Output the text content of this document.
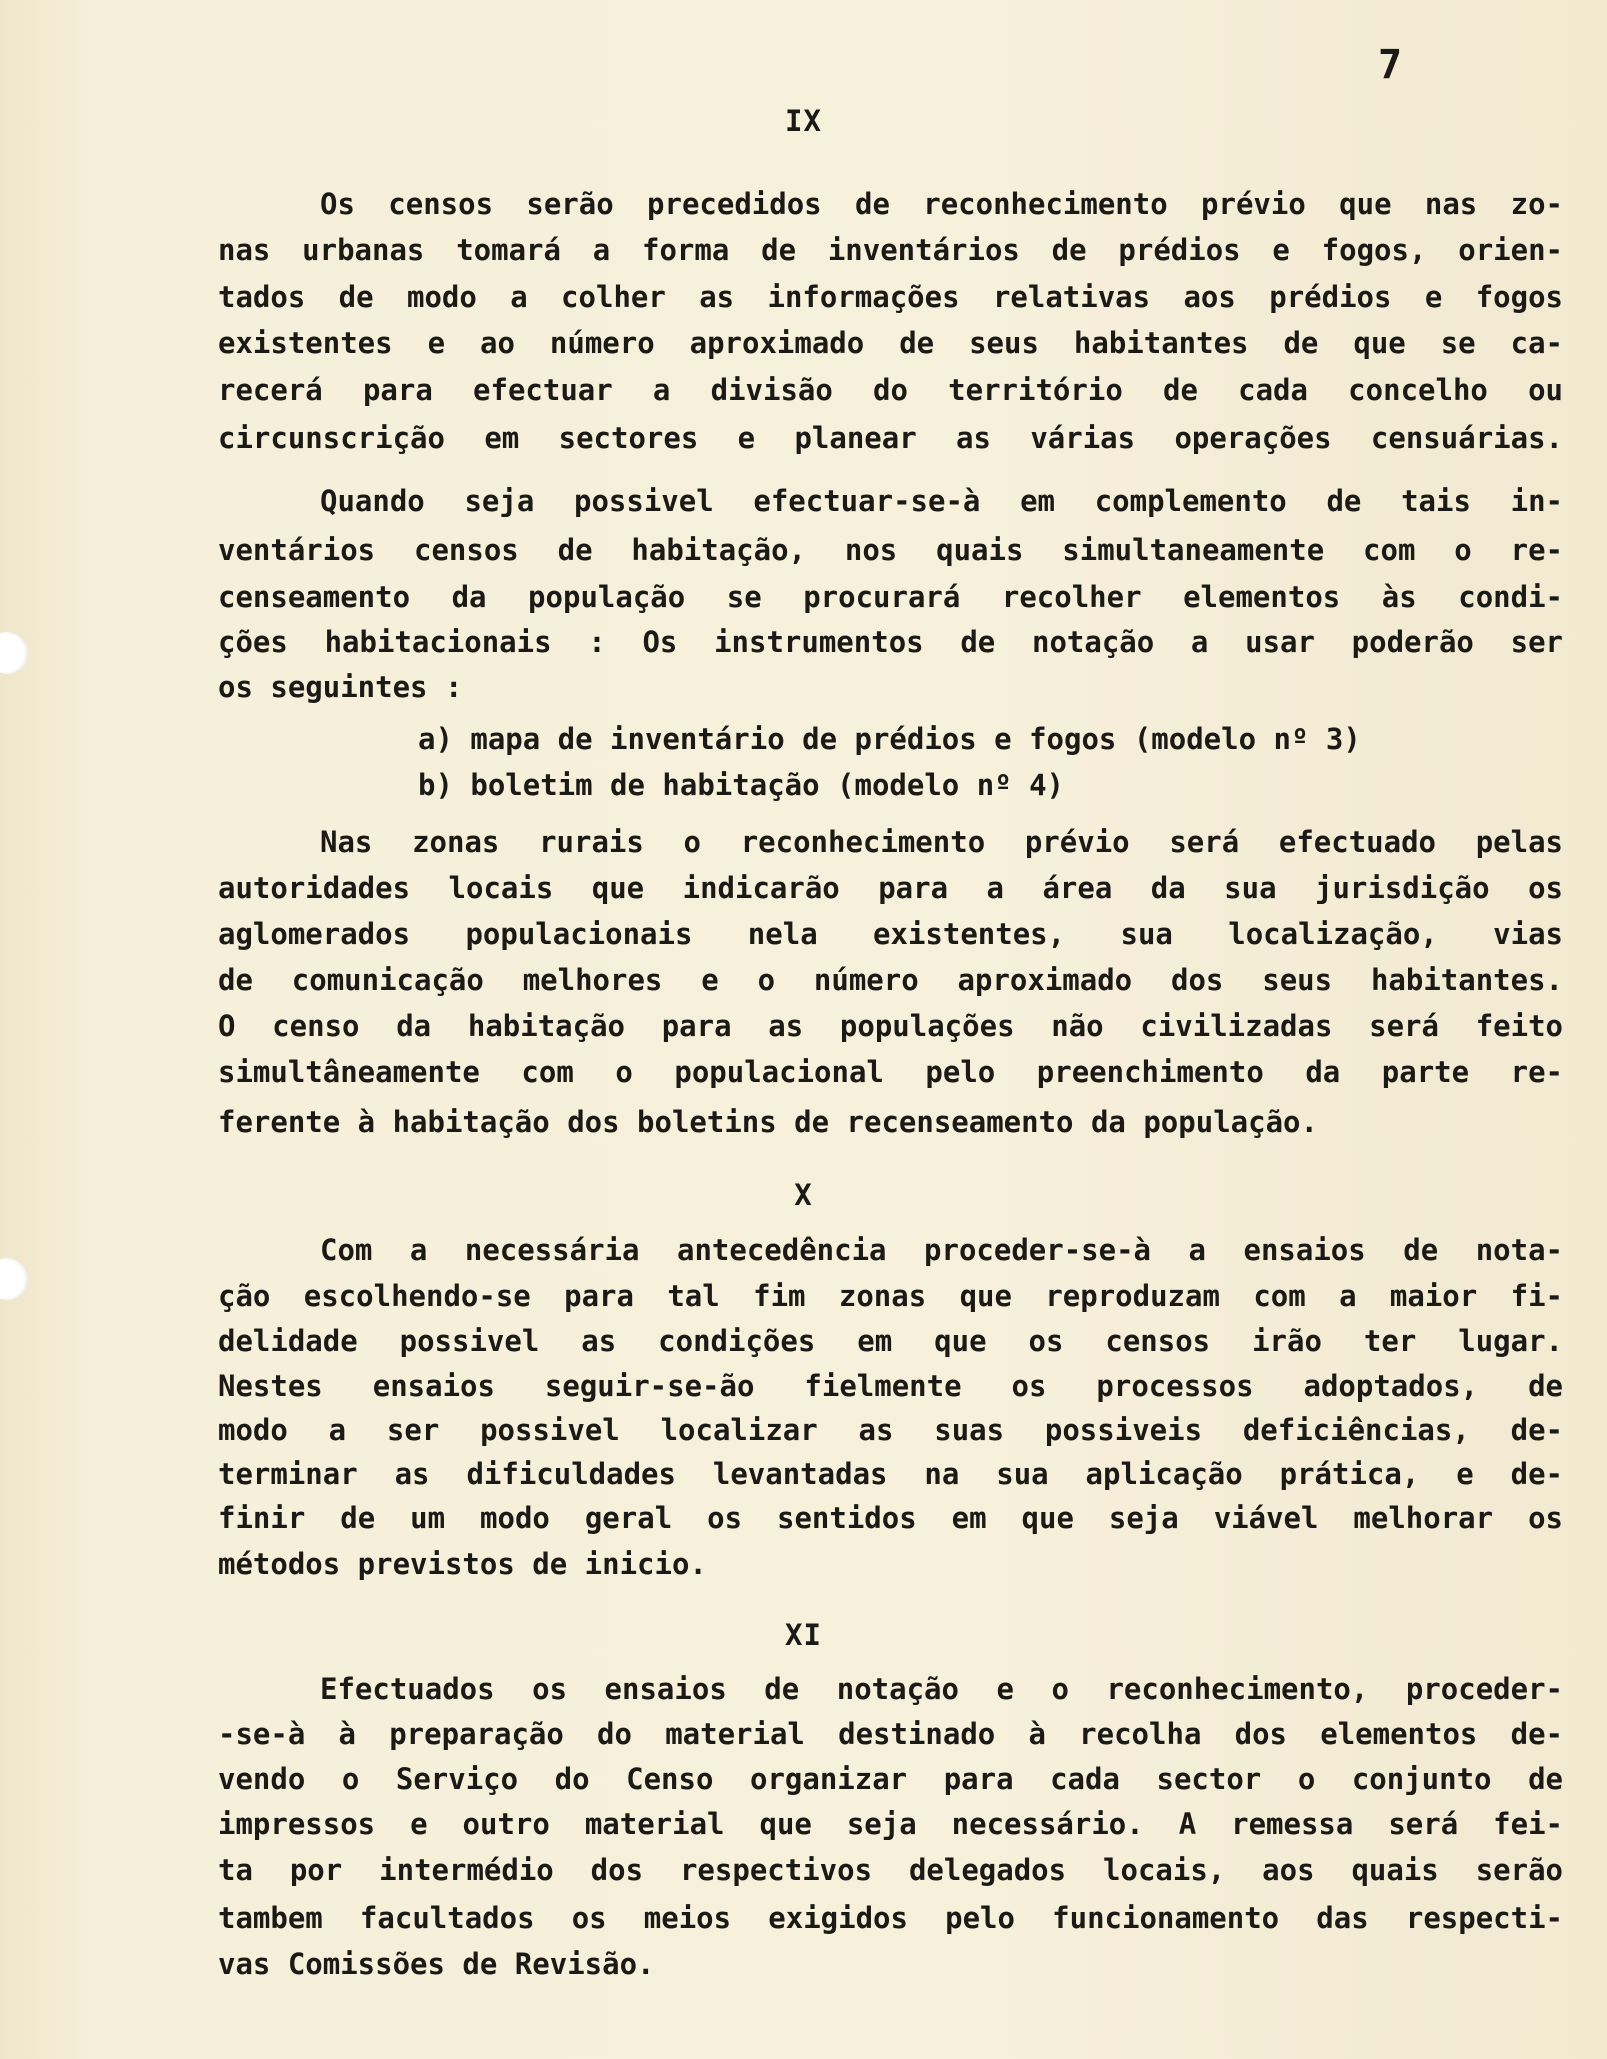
7
IX
Os censos serão precedidos de reconhecimento prévio que nas zo-
nas urbanas tomará a forma de inventários de prédios e fogos, orien-
tados de modo a colher as informações relativas aos prédios e fogos
existentes e ao número aproximado de seus habitantes de que se ca-
recerá para efectuar a divisão do território de cada concelho ou
circunscrição em sectores e planear as várias operações censuárias.
Quando seja possivel efectuar-se-à em complemento de tais in-
ventários censos de habitação, nos quais simultaneamente com o re-
censeamento da população se procurará recolher elementos às condi-
ções habitacionais : Os instrumentos de notação a usar poderão ser
os seguintes :
a) mapa de inventário de prédios e fogos (modelo nº 3)
b) boletim de habitação (modelo nº 4)
Nas zonas rurais o reconhecimento prévio será efectuado pelas
autoridades locais que indicarão para a área da sua jurisdição os
aglomerados populacionais nela existentes, sua localização, vias
de comunicação melhores e o número aproximado dos seus habitantes.
O censo da habitação para as populações não civilizadas será feito
simultâneamente com o populacional pelo preenchimento da parte re-
ferente à habitação dos boletins de recenseamento da população.
X
Com a necessária antecedência proceder-se-à a ensaios de nota-
ção escolhendo-se para tal fim zonas que reproduzam com a maior fi-
delidade possivel as condições em que os censos irão ter lugar.
Nestes ensaios seguir-se-ão fielmente os processos adoptados, de
modo a ser possivel localizar as suas possiveis deficiências, de-
terminar as dificuldades levantadas na sua aplicação prática, e de-
finir de um modo geral os sentidos em que seja viável melhorar os
métodos previstos de inicio.
XI
Efectuados os ensaios de notação e o reconhecimento, proceder-
-se-à à preparação do material destinado à recolha dos elementos de-
vendo o Serviço do Censo organizar para cada sector o conjunto de
impressos e outro material que seja necessário. A remessa será fei-
ta por intermédio dos respectivos delegados locais, aos quais serão
tambem facultados os meios exigidos pelo funcionamento das respecti-
vas Comissões de Revisão.
